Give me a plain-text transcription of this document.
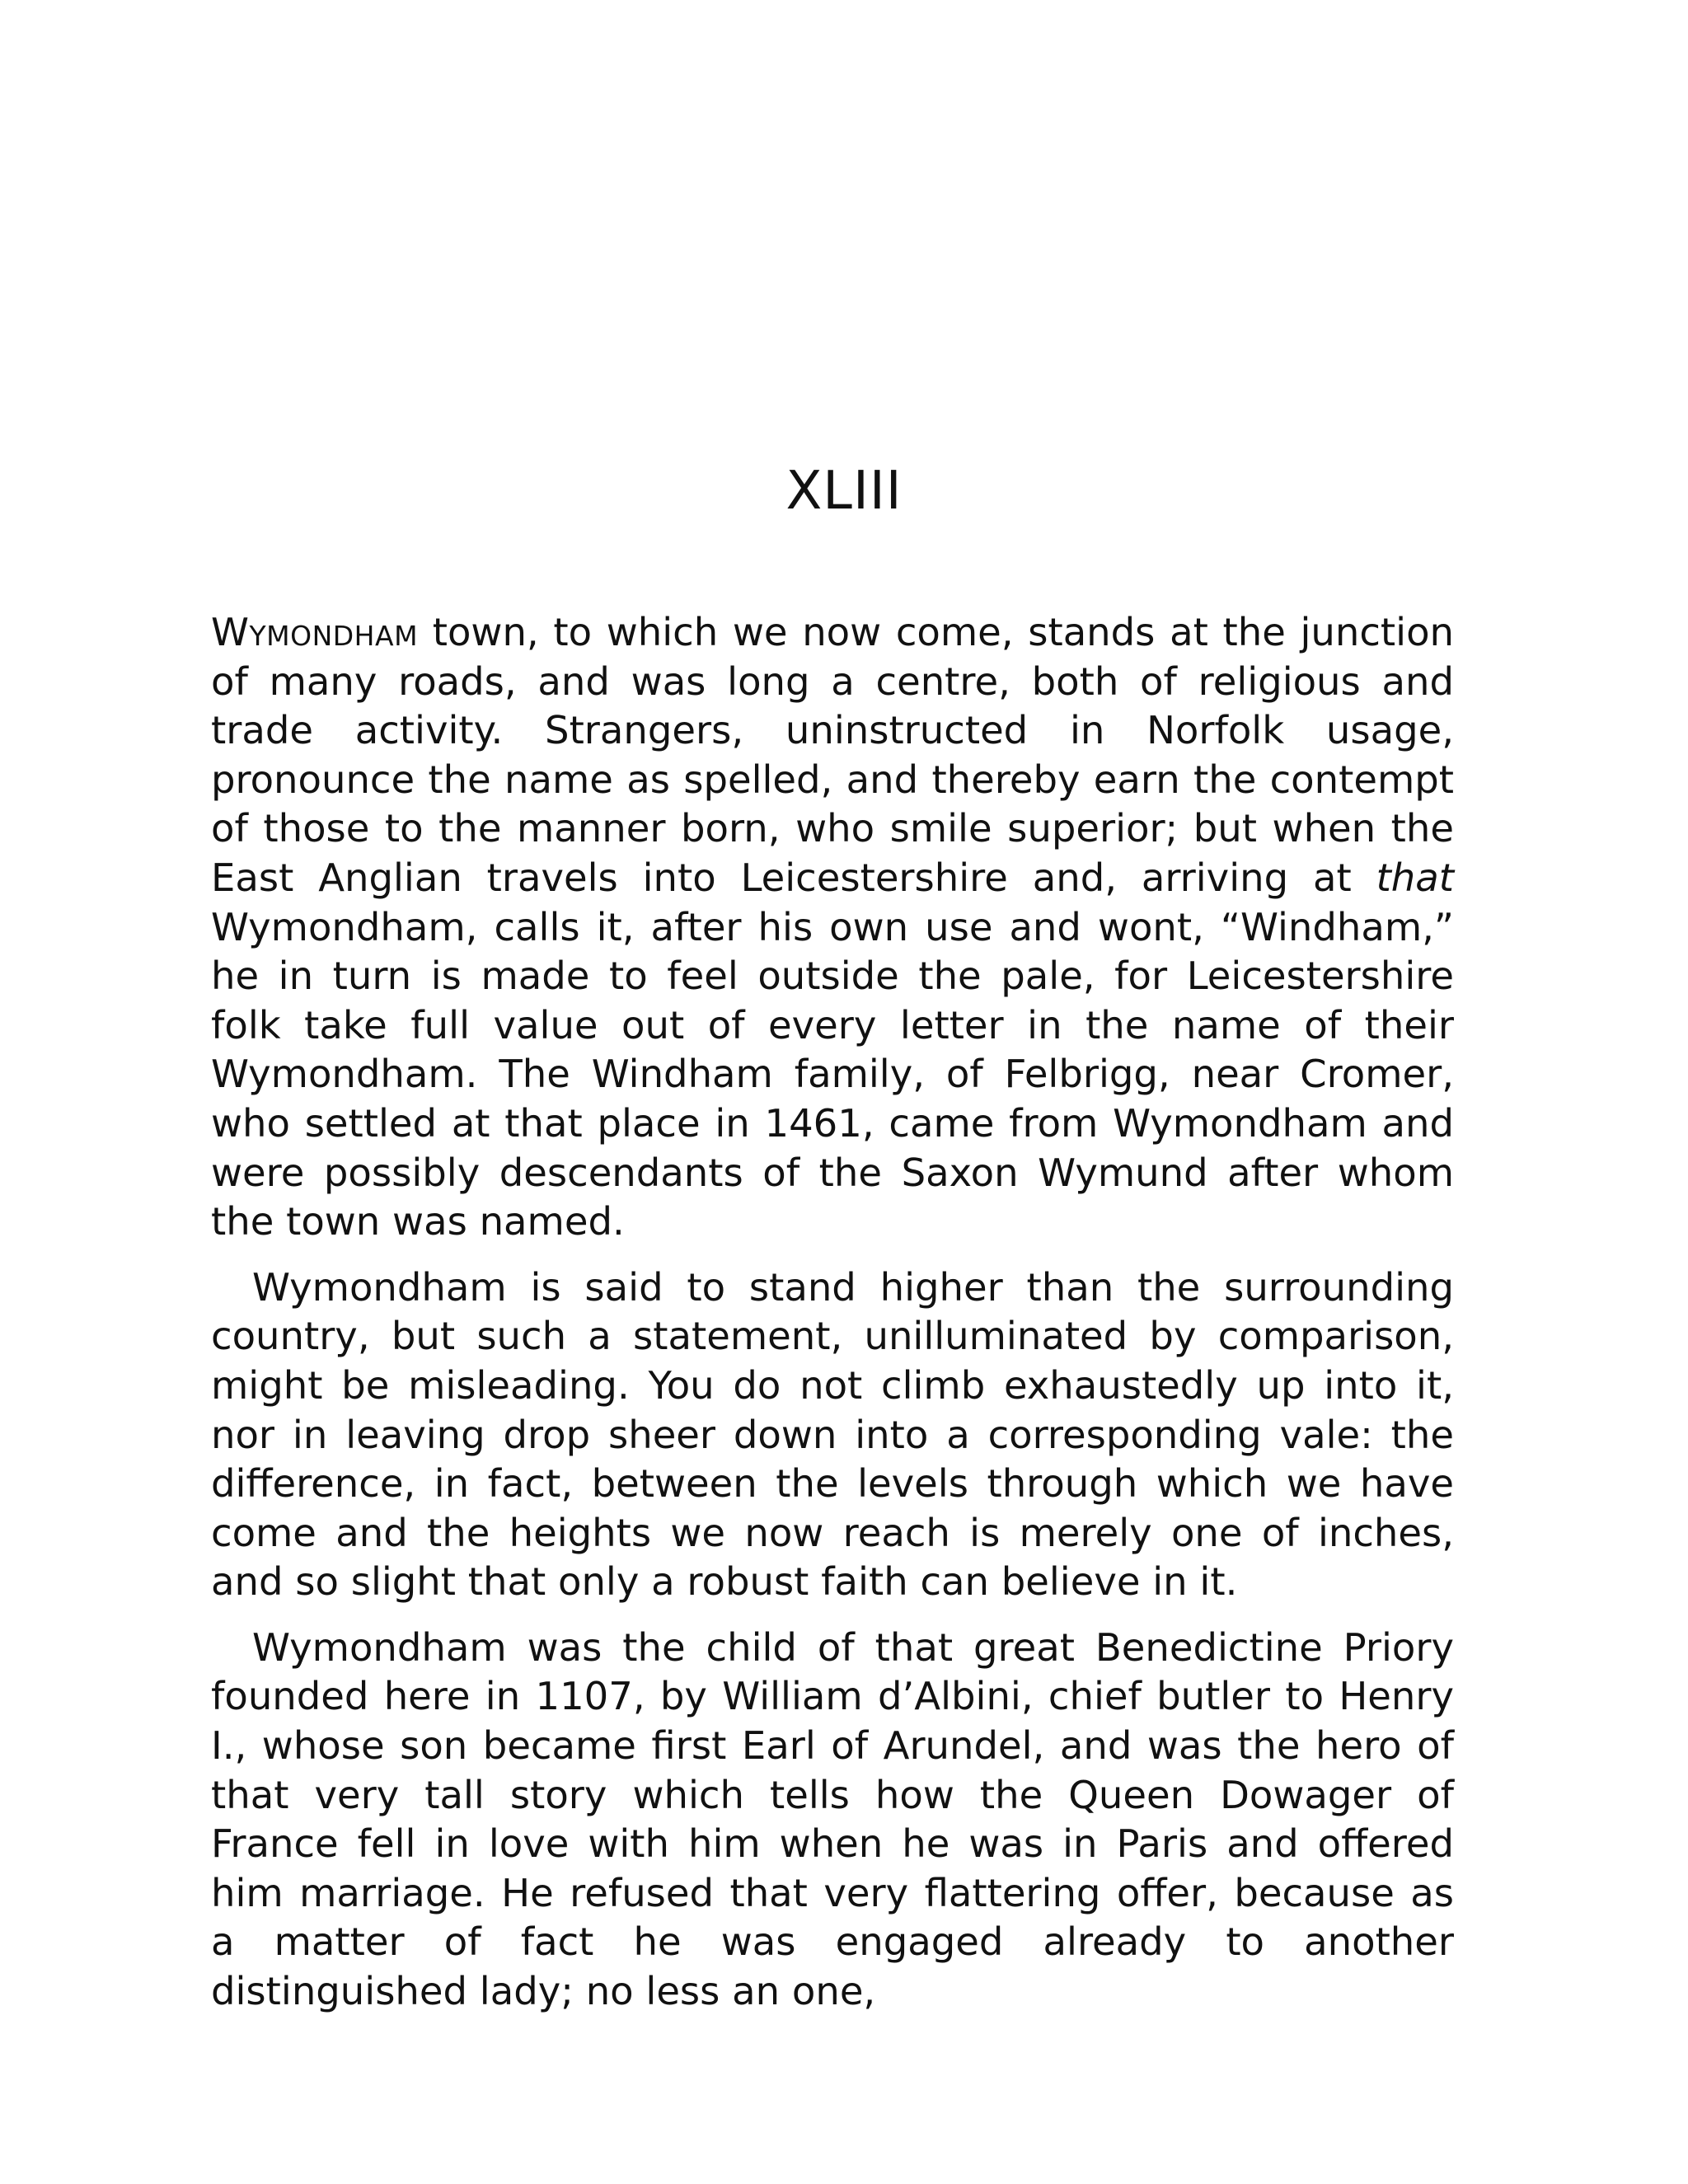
XLIII

Wymondham town, to which we now come, stands at the junction of many roads, and was long a centre, both of religious and trade activity. Strangers, uninstructed in Norfolk usage, pronounce the name as spelled, and thereby earn the contempt of those to the manner born, who smile superior; but when the East Anglian travels into Leicestershire and, arriving at that Wymondham, calls it, after his own use and wont, “Windham,” he in turn is made to feel outside the pale, for Leicestershire folk take full value out of every letter in the name of their Wymondham. The Windham family, of Felbrigg, near Cromer, who settled at that place in 1461, came from Wymondham and were possibly descendants of the Saxon Wymund after whom the town was named.

Wymondham is said to stand higher than the surrounding country, but such a statement, unilluminated by comparison, might be misleading. You do not climb exhaustedly up into it, nor in leaving drop sheer down into a corresponding vale: the difference, in fact, between the levels through which we have come and the heights we now reach is merely one of inches, and so slight that only a robust faith can believe in it.

Wymondham was the child of that great Benedictine Priory founded here in 1107, by William d’Albini, chief butler to Henry I., whose son became first Earl of Arundel, and was the hero of that very tall story which tells how the Queen Dowager of France fell in love with him when he was in Paris and offered him marriage. He refused that very flattering offer, because as a matter of fact he was engaged already to another distinguished lady; no less an one,
